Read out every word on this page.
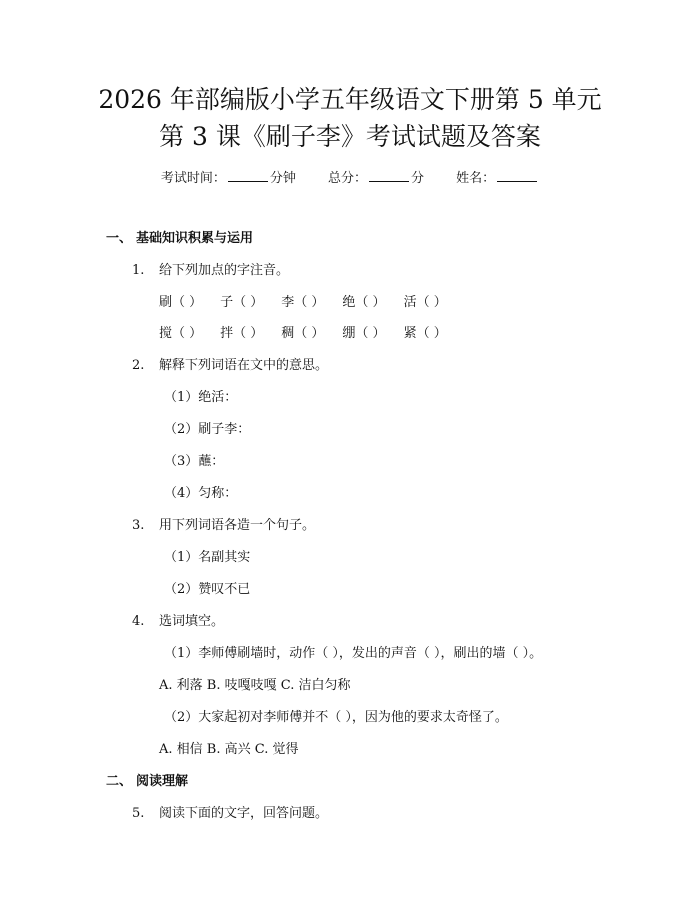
2026 年部编版小学五年级语文下册第 5 单元
第 3 课《刷子李》考试试题及答案
考试时间：	分钟 总分：	分 姓名：
一、 基础知识积累与运用
1. 给下列加点的字注音。
刷（ ） 子（ ） 李（ ） 绝（ ） 活（ ）
搅（ ） 拌（ ） 稠（ ） 绷（ ） 紧（ ）
2. 解释下列词语在文中的意思。
（1）绝活：
（2）刷子李：
（3）蘸：
（4）匀称：
3. 用下列词语各造一个句子。
（1）名副其实
（2）赞叹不已
4. 选词填空。
（1）李师傅刷墙时，动作（ ），发出的声音（ ），刷出的墙（ ）。
A. 利落 B. 吱嘎吱嘎 C. 洁白匀称
（2）大家起初对李师傅并不（ ），因为他的要求太奇怪了。
A. 相信 B. 高兴 C. 觉得
二、 阅读理解
5. 阅读下面的文字，回答问题。
